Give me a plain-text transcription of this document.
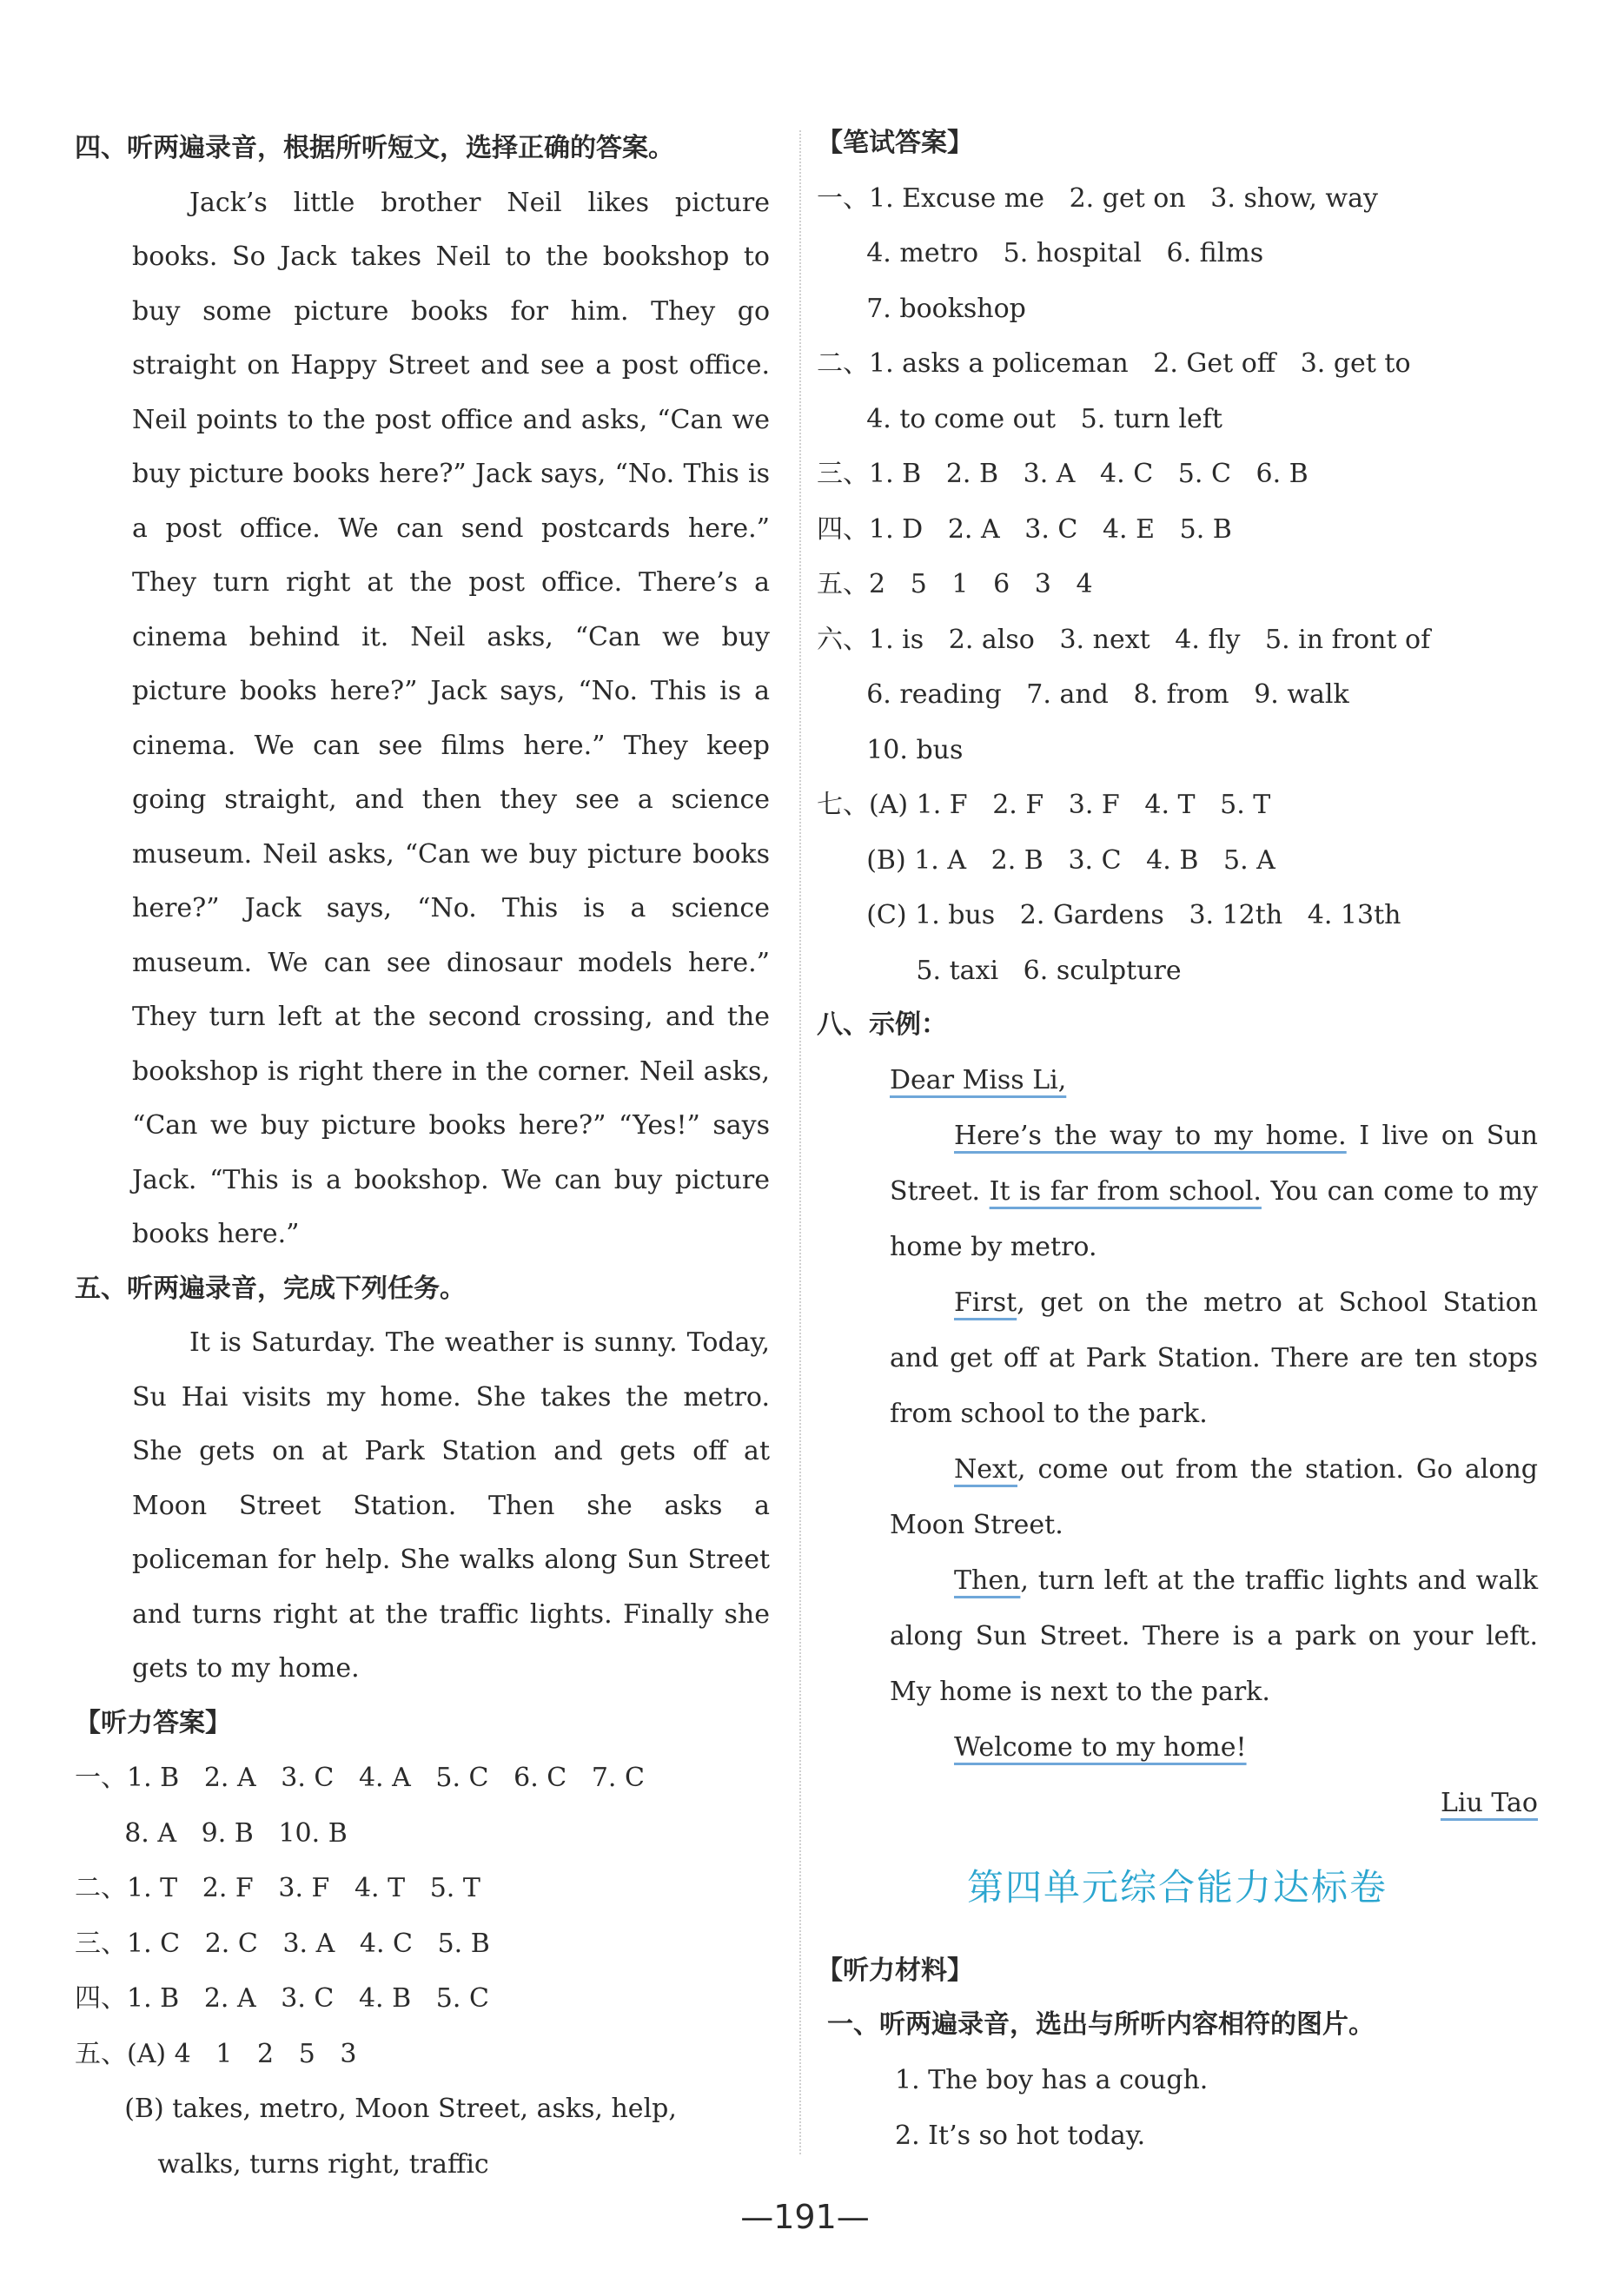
四、听两遍录音，根据所听短文，选择正确的答案。

Jack’s little brother Neil likes picture books. So Jack takes Neil to the bookshop to buy some picture books for him. They go straight on Happy Street and see a post office. Neil points to the post office and asks, “Can we buy picture books here?” Jack says, “No. This is a post office. We can send postcards here.” They turn right at the post office. There’s a cinema behind it. Neil asks, “Can we buy picture books here?” Jack says, “No. This is a cinema. We can see films here.” They keep going straight, and then they see a science museum. Neil asks, “Can we buy picture books here?” Jack says, “No. This is a science museum. We can see dinosaur models here.” They turn left at the second crossing, and the bookshop is right there in the corner. Neil asks, “Can we buy picture books here?” “Yes!” says Jack. “This is a bookshop. We can buy picture books here.”

五、听两遍录音，完成下列任务。

It is Saturday. The weather is sunny. Today, Su Hai visits my home. She takes the metro. She gets on at Park Station and gets off at Moon Street Station. Then she asks a policeman for help. She walks along Sun Street and turns right at the traffic lights. Finally she gets to my home.

【听力答案】

一、1. B   2. A   3. C   4. A   5. C   6. C   7. C

8. A   9. B   10. B

二、1. T   2. F   3. F   4. T   5. T

三、1. C   2. C   3. A   4. C   5. B

四、1. B   2. A   3. C   4. B   5. C

五、(A) 4   1   2   5   3

(B) takes, metro, Moon Street, asks, help,

walks, turns right, traffic

【笔试答案】

一、1. Excuse me   2. get on   3. show, way

4. metro   5. hospital   6. films

7. bookshop

二、1. asks a policeman   2. Get off   3. get to

4. to come out   5. turn left

三、1. B   2. B   3. A   4. C   5. C   6. B

四、1. D   2. A   3. C   4. E   5. B

五、2   5   1   6   3   4

六、1. is   2. also   3. next   4. fly   5. in front of

6. reading   7. and   8. from   9. walk

10. bus

七、(A) 1. F   2. F   3. F   4. T   5. T

(B) 1. A   2. B   3. C   4. B   5. A

(C) 1. bus   2. Gardens   3. 12th   4. 13th

5. taxi   6. sculpture

八、示例：

Dear Miss Li,

Here’s the way to my home. I live on Sun Street. It is far from school. You can come to my home by metro.

First, get on the metro at School Station and get off at Park Station. There are ten stops from school to the park.

Next, come out from the station. Go along Moon Street.

Then, turn left at the traffic lights and walk along Sun Street. There is a park on your left. My home is next to the park.

Welcome to my home!

Liu Tao

第四单元综合能力达标卷

【听力材料】

一、听两遍录音，选出与所听内容相符的图片。

1. The boy has a cough.

2. It’s so hot today.

—191—
